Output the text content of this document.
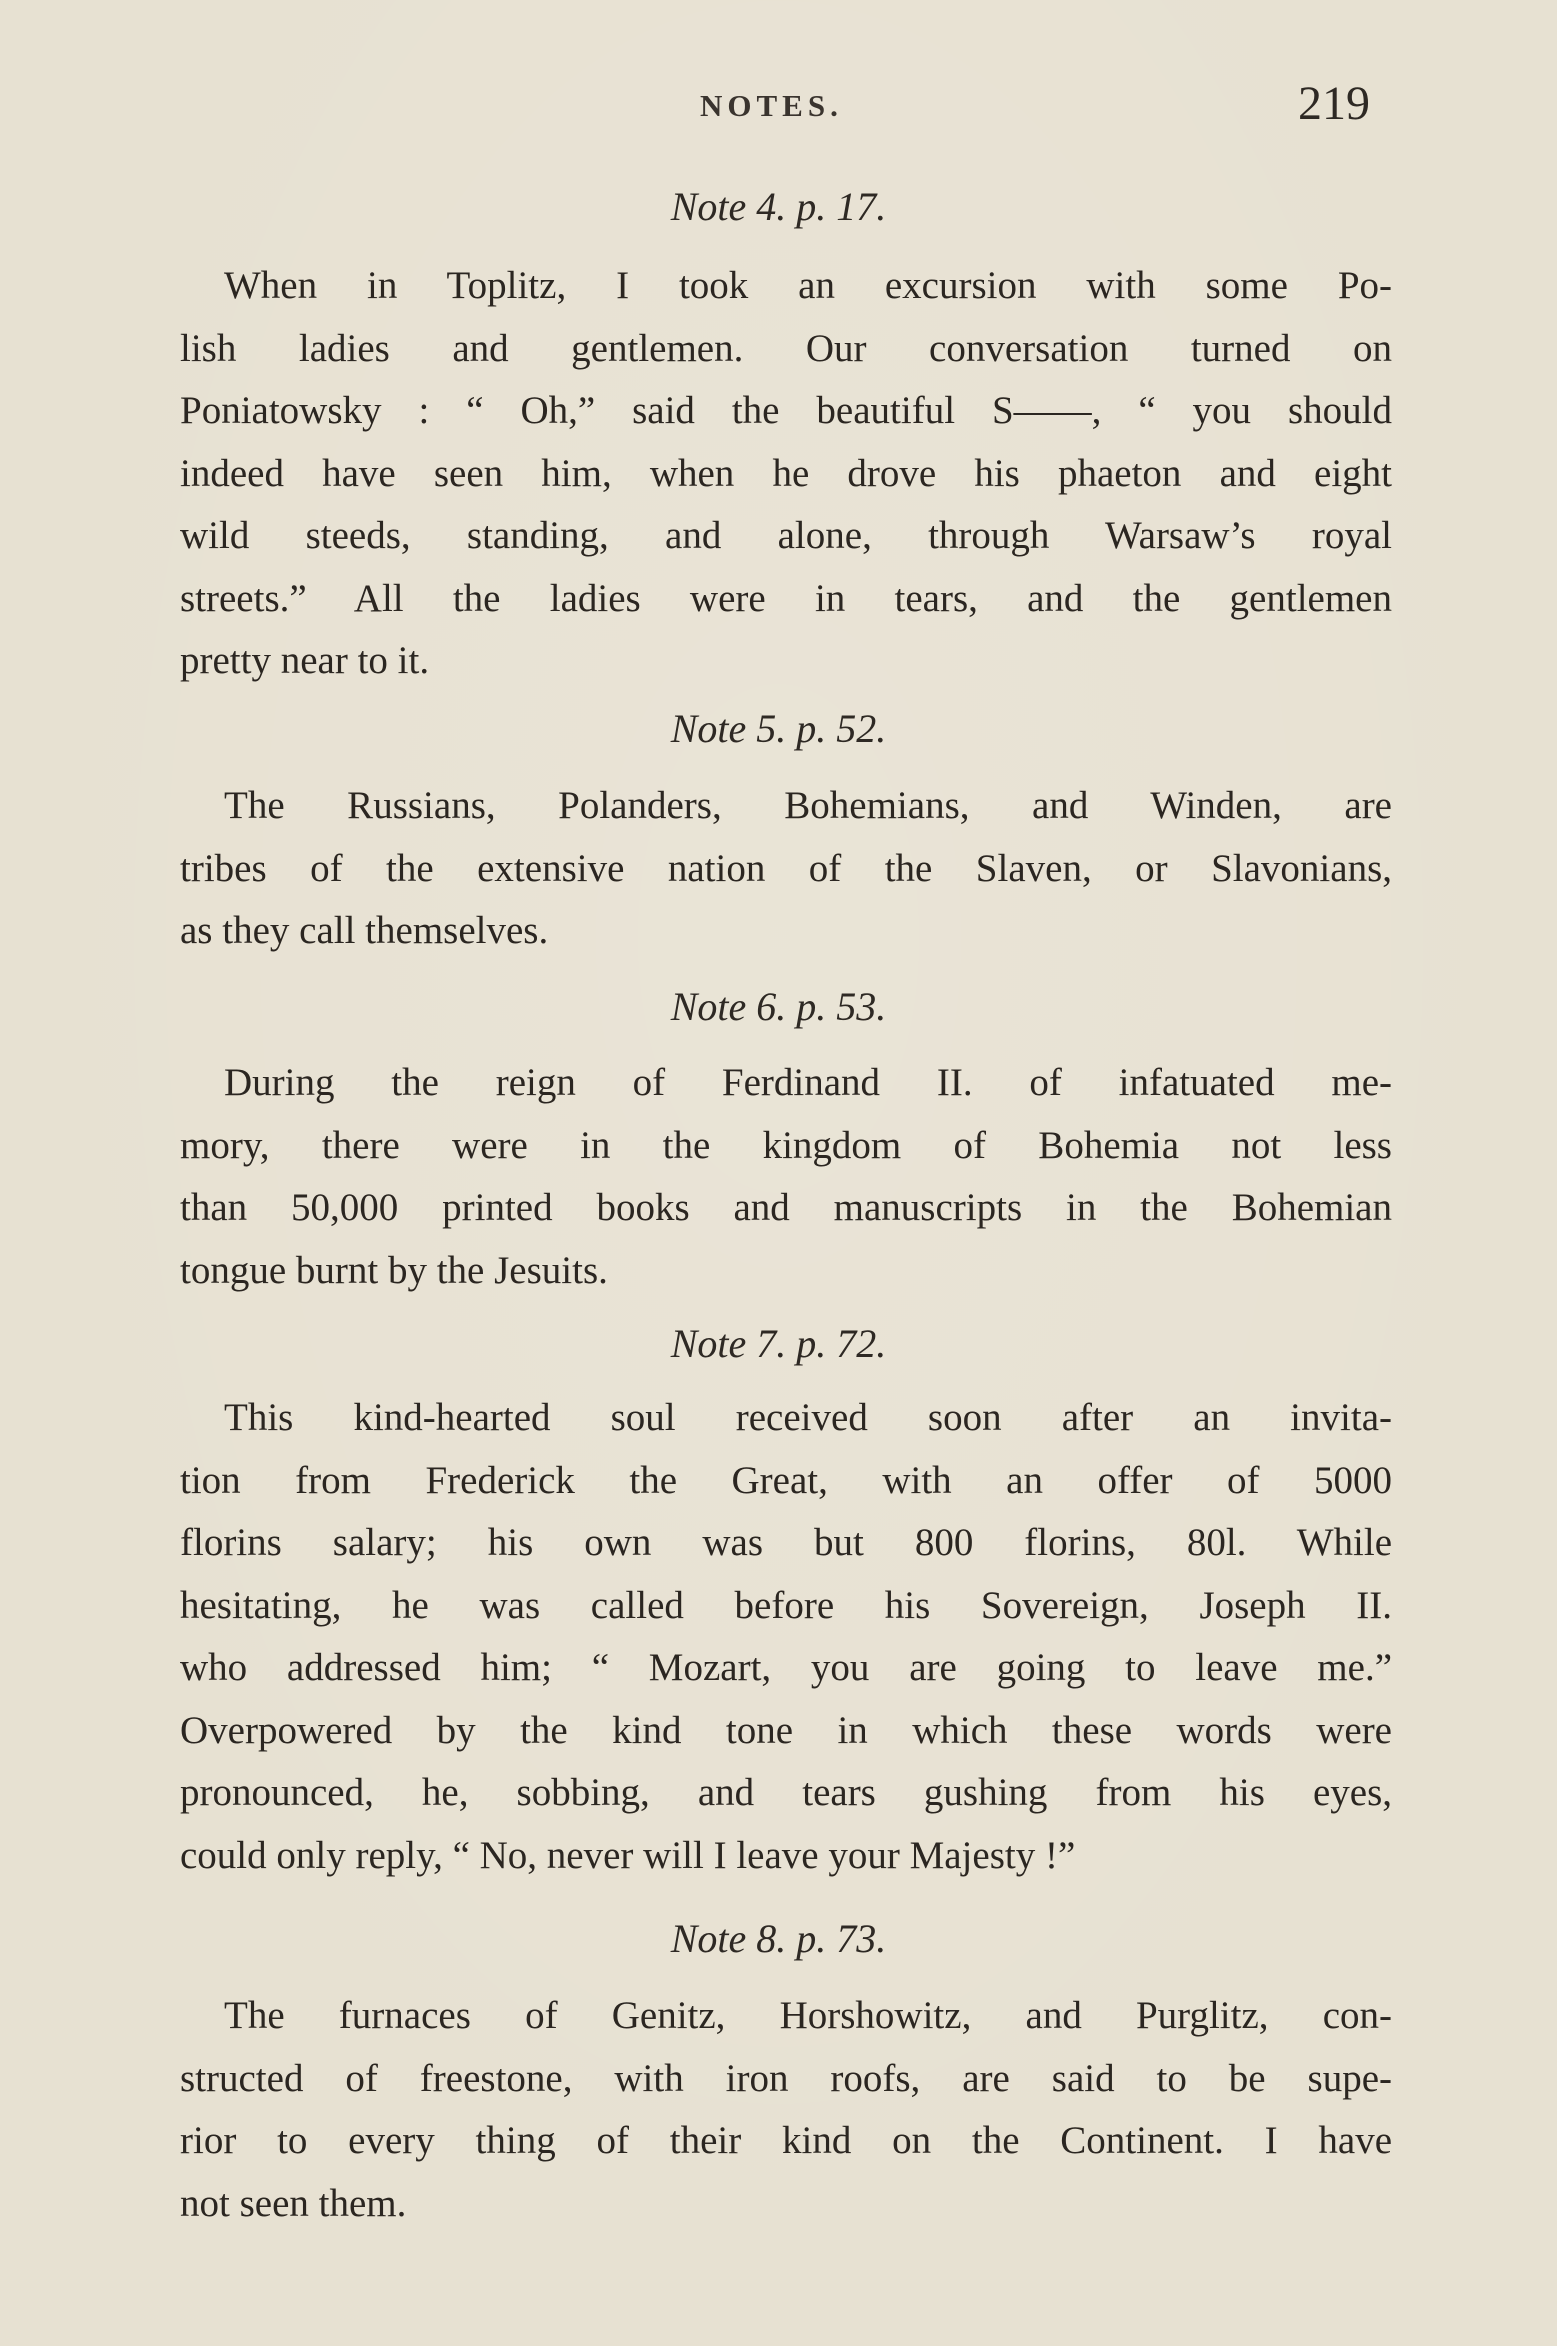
NOTES.	219
Note 4. p. 17.
When in Toplitz, I took an excursion with some Po-
lish ladies and gentlemen. Our conversation turned on
Poniatowsky : “ Oh,” said the beautiful S——, “ you should
indeed have seen him, when he drove his phaeton and eight
wild steeds, standing, and alone, through Warsaw’s royal
streets.” All the ladies were in tears, and the gentlemen
pretty near to it.
Note 5. p. 52.
The Russians, Polanders, Bohemians, and Winden, are
tribes of the extensive nation of the Slaven, or Slavonians,
as they call themselves.
Note 6. p. 53.
During the reign of Ferdinand II. of infatuated me-
mory, there were in the kingdom of Bohemia not less
than 50,000 printed books and manuscripts in the Bohemian
tongue burnt by the Jesuits.
Note 7. p. 72.
This kind-hearted soul received soon after an invita-
tion from Frederick the Great, with an offer of 5000
florins salary; his own was but 800 florins, 80l. While
hesitating, he was called before his Sovereign, Joseph II.
who addressed him; “ Mozart, you are going to leave me.”
Overpowered by the kind tone in which these words were
pronounced, he, sobbing, and tears gushing from his eyes,
could only reply, “ No, never will I leave your Majesty !”
Note 8. p. 73.
The furnaces of Genitz, Horshowitz, and Purglitz, con-
structed of freestone, with iron roofs, are said to be supe-
rior to every thing of their kind on the Continent. I have
not seen them.
